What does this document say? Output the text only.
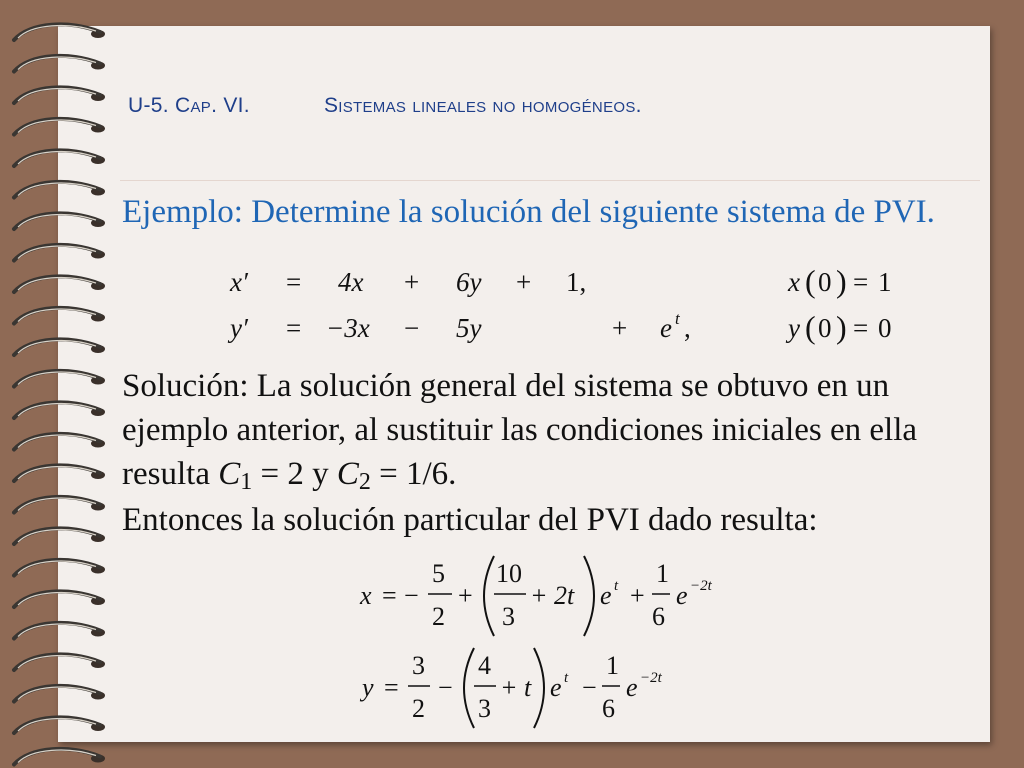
U-5. Cap. VI.	Sistemas lineales no homogéneos.
Ejemplo: Determine la solución del siguiente sistema de PVI.
x′ = 4x + 6y + 1,	x ( 0 ) = 1
y′ = −3x − 5y	+ e t ,	y ( 0 ) = 0
x = −
5
2
+
10
3
+ 2t e t +
1
6
e −2t
y =
3
2
−
4
3
+ t e t −
1
6
e −2t
Solución: La solución general del sistema se obtuvo en un ejemplo anterior, al sustituir las condiciones iniciales en ella resulta C1 = 2 y C2 = 1/6.
Entonces la solución particular del PVI dado resulta:
